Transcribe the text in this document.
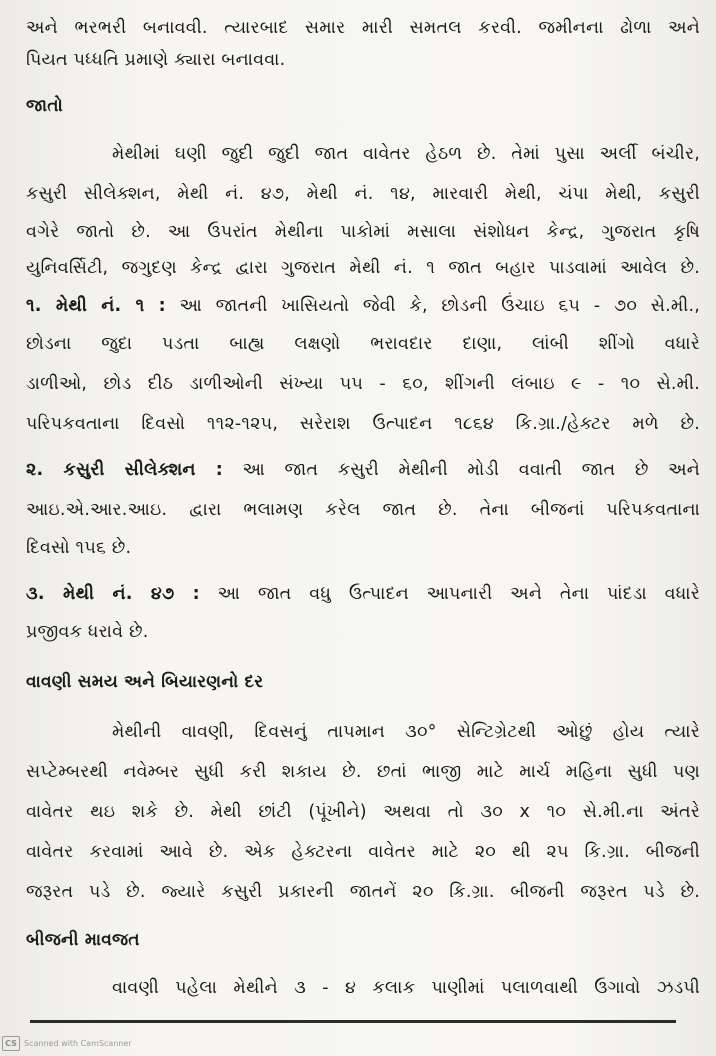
અને ભરભરી બનાવવી. ત્યારબાદ સમાર મારી સમતલ કરવી. જમીનના ઢોળા અને
પિયત પધ્ધતિ પ્રમાણે ક્યારા બનાવવા.
જાતો
મેથીમાં ઘણી જુદી જુદી જાત વાવેતર હેઠળ છે. તેમાં પુસા અર્લી બંચીર,
કસુરી સીલેક્શન, મેથી નં. ૪૭, મેથી નં. ૧૪, મારવારી મેથી, ચંપા મેથી, કસુરી
વગેરે જાતો છે. આ ઉપરાંત મેથીના પાકોમાં મસાલા સંશોધન કેન્દ્ર, ગુજરાત કૃષિ
યુનિવર્સિટી, જગુદણ કેન્દ્ર દ્વારા ગુજરાત મેથી નં. ૧ જાત બહાર પાડવામાં આવેલ છે.
૧. મેથી નં. ૧ : આ જાતની ખાસિયતો જેવી કે, છોડની ઉંચાઇ ૬૫ - ૭૦ સે.મી.,
છોડના જુદા પડતા બાહ્ય લક્ષણો ભરાવદાર દાણા, લાંબી શીંગો વધારે
ડાળીઓ, છોડ દીઠ ડાળીઓની સંખ્યા ૫૫ - ૬૦, શીંગની લંબાઇ ૯ - ૧૦ સે.મી.
પરિપકવતાના દિવસો ૧૧૨-૧૨૫, સરેરાશ ઉત્પાદન ૧૮૬૪ કિ.ગ્રા./હેક્ટર મળે છે.
૨. કસુરી સીલેક્શન : આ જાત કસુરી મેથીની મોડી વવાતી જાત છે અને
આઇ.એ.આર.આઇ. દ્વારા ભલામણ કરેલ જાત છે. તેના બીજનાં પરિપકવતાના
દિવસો ૧૫૬ છે.
૩. મેથી નં. ૪૭ : આ જાત વધુ ઉત્પાદન આપનારી અને તેના પાંદડા વધારે
પ્રજીવક ધરાવે છે.
વાવણી સમય અને બિયારણનો દર
મેથીની વાવણી, દિવસનું તાપમાન ૩૦° સેન્ટિગ્રેટથી ઓછું હોય ત્યારે
સપ્ટેમ્બરથી નવેમ્બર સુધી કરી શકાય છે. છતાં ભાજી માટે માર્ચ મહિના સુધી પણ
વાવેતર થઇ શકે છે. મેથી છાંટી (પૂંખીને) અથવા તો ૩૦ x ૧૦ સે.મી.ના અંતરે
વાવેતર કરવામાં આવે છે. એક હેક્ટરના વાવેતર માટે ૨૦ થી ૨૫ કિ.ગ્રા. બીજની
જરૂરત પડે છે. જ્યારે કસુરી પ્રકારની જાતનેં ૨૦ કિ.ગ્રા. બીજની જરૂરત પડે છે.
બીજની માવજત
વાવણી પહેલા મેથીને ૩ - ૪ કલાક પાણીમાં પલાળવાથી ઉગાવો ઝડપી
CS Scanned with CamScanner
